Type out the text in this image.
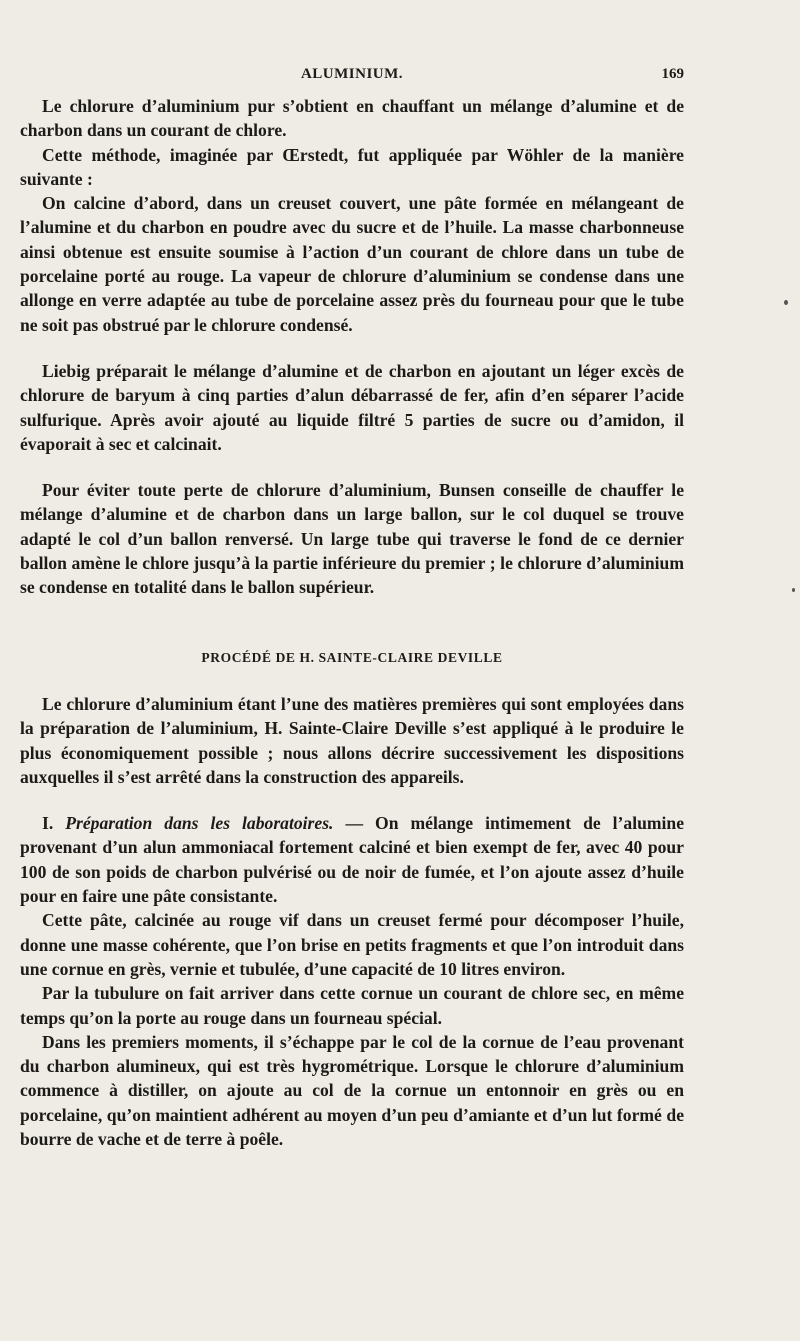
ALUMINIUM.	169

Le chlorure d’aluminium pur s’obtient en chauffant un mélange d’alumine et de charbon dans un courant de chlore.

Cette méthode, imaginée par Œrstedt, fut appliquée par Wöhler de la manière suivante :

On calcine d’abord, dans un creuset couvert, une pâte formée en mélangeant de l’alumine et du charbon en poudre avec du sucre et de l’huile. La masse charbonneuse ainsi obtenue est ensuite soumise à l’action d’un courant de chlore dans un tube de porcelaine porté au rouge. La vapeur de chlorure d’aluminium se condense dans une allonge en verre adaptée au tube de porcelaine assez près du fourneau pour que le tube ne soit pas obstrué par le chlorure condensé.

Liebig préparait le mélange d’alumine et de charbon en ajoutant un léger excès de chlorure de baryum à cinq parties d’alun débarrassé de fer, afin d’en séparer l’acide sulfurique. Après avoir ajouté au liquide filtré 5 parties de sucre ou d’amidon, il évaporait à sec et calcinait.

Pour éviter toute perte de chlorure d’aluminium, Bunsen conseille de chauffer le mélange d’alumine et de charbon dans un large ballon, sur le col duquel se trouve adapté le col d’un ballon renversé. Un large tube qui traverse le fond de ce dernier ballon amène le chlore jusqu’à la partie inférieure du premier ; le chlorure d’aluminium se condense en totalité dans le ballon supérieur.

PROCÉDÉ DE H. SAINTE-CLAIRE DEVILLE

Le chlorure d’aluminium étant l’une des matières premières qui sont employées dans la préparation de l’aluminium, H. Sainte-Claire Deville s’est appliqué à le produire le plus économiquement possible ; nous allons décrire successivement les dispositions auxquelles il s’est arrêté dans la construction des appareils.

I. Préparation dans les laboratoires. — On mélange intimement de l’alumine provenant d’un alun ammoniacal fortement calciné et bien exempt de fer, avec 40 pour 100 de son poids de charbon pulvérisé ou de noir de fumée, et l’on ajoute assez d’huile pour en faire une pâte consistante.

Cette pâte, calcinée au rouge vif dans un creuset fermé pour décomposer l’huile, donne une masse cohérente, que l’on brise en petits fragments et que l’on introduit dans une cornue en grès, vernie et tubulée, d’une capacité de 10 litres environ.

Par la tubulure on fait arriver dans cette cornue un courant de chlore sec, en même temps qu’on la porte au rouge dans un fourneau spécial.

Dans les premiers moments, il s’échappe par le col de la cornue de l’eau provenant du charbon alumineux, qui est très hygrométrique. Lorsque le chlorure d’aluminium commence à distiller, on ajoute au col de la cornue un entonnoir en grès ou en porcelaine, qu’on maintient adhérent au moyen d’un peu d’amiante et d’un lut formé de bourre de vache et de terre à poêle.
